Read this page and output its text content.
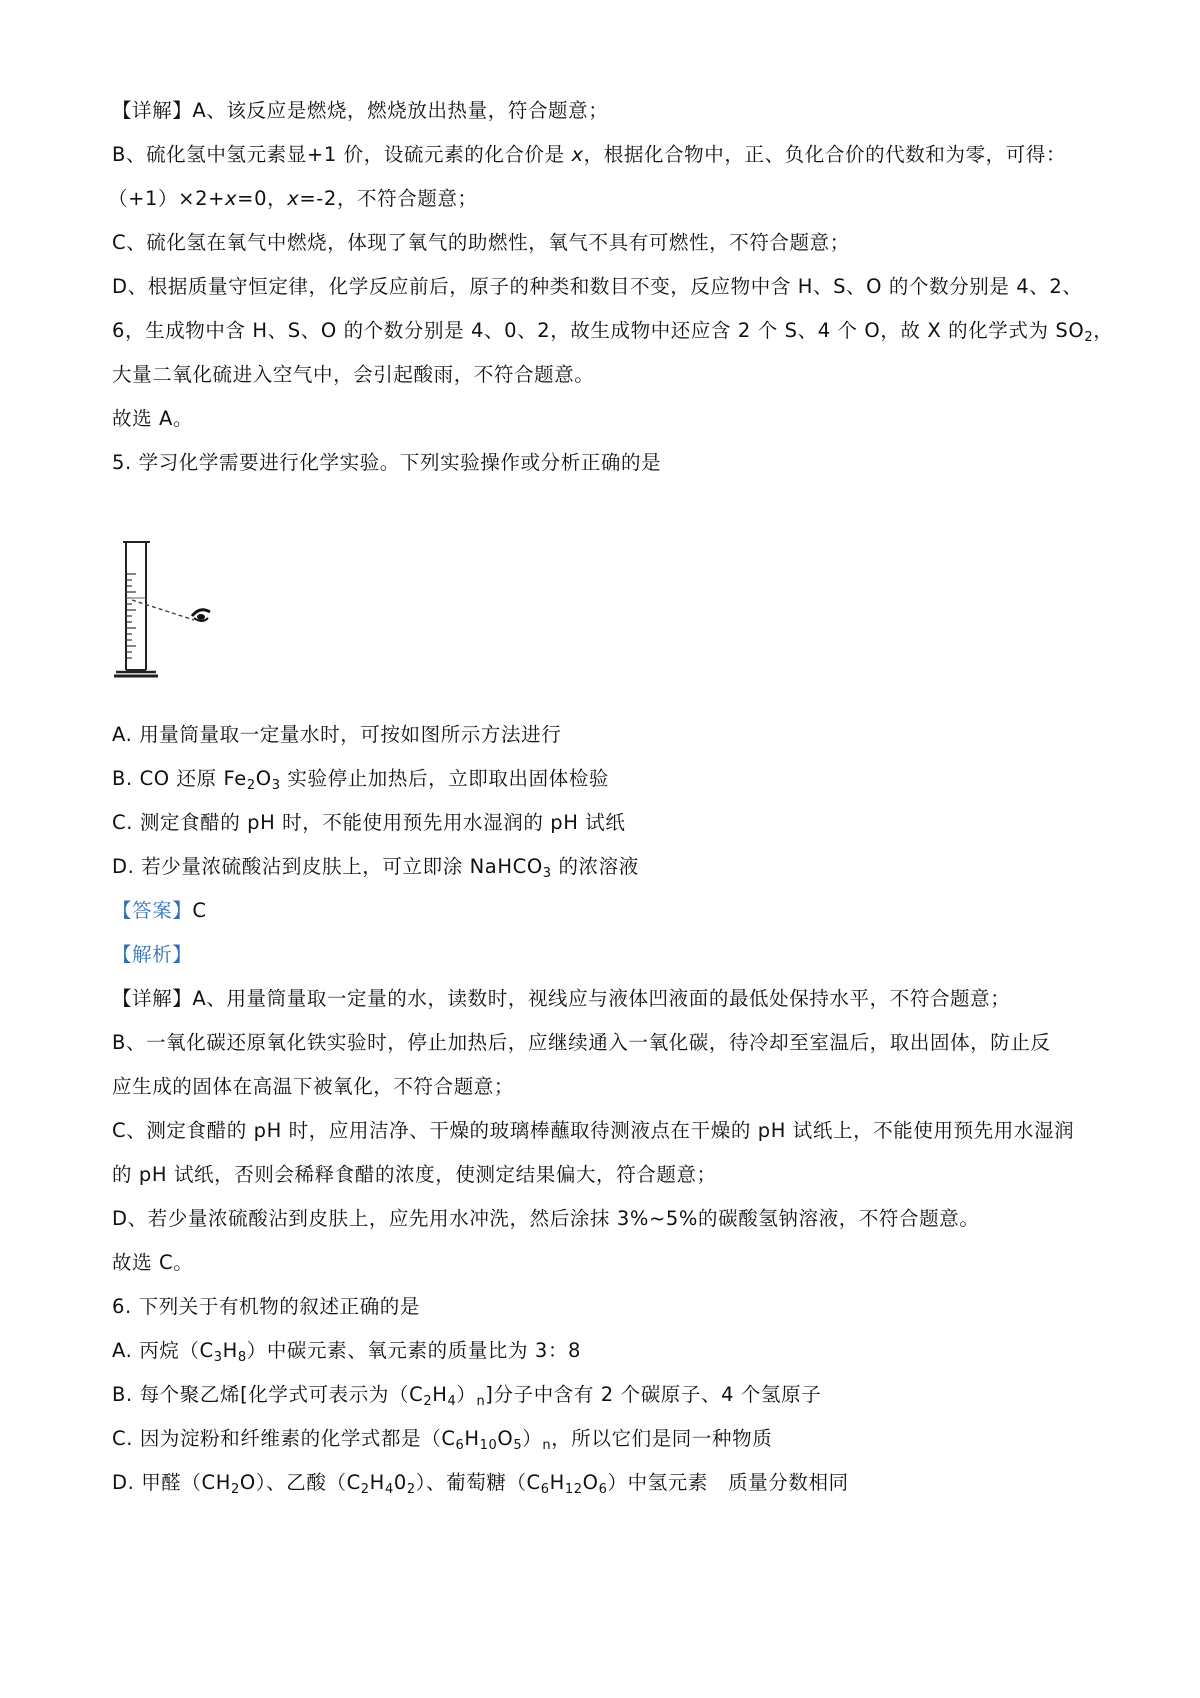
【详解】A、该反应是燃烧，燃烧放出热量，符合题意；
B、硫化氢中氢元素显+1 价，设硫元素的化合价是 x，根据化合物中，正、负化合价的代数和为零，可得：
（+1）×2+x=0，x=-2，不符合题意；
C、硫化氢在氧气中燃烧，体现了氧气的助燃性，氧气不具有可燃性，不符合题意；
D、根据质量守恒定律，化学反应前后，原子的种类和数目不变，反应物中含 H、S、O 的个数分别是 4、2、
6，生成物中含 H、S、O 的个数分别是 4、0、2，故生成物中还应含 2 个 S、4 个 O，故 X 的化学式为 $SO_2$，
大量二氧化硫进入空气中，会引起酸雨，不符合题意。
故选 A。
5. 学习化学需要进行化学实验。下列实验操作或分析正确的是
A. 用量筒量取一定量水时，可按如图所示方法进行
B. CO 还原 $Fe_2O_3$ 实验停止加热后，立即取出固体检验
C. 测定食醋的 pH 时，不能使用预先用水湿润的 pH 试纸
D. 若少量浓硫酸沾到皮肤上，可立即涂 NaHCO$_3$ 的浓溶液
【答案】C
【解析】
【详解】A、用量筒量取一定量的水，读数时，视线应与液体凹液面的最低处保持水平，不符合题意；
B、一氧化碳还原氧化铁实验时，停止加热后，应继续通入一氧化碳，待冷却至室温后，取出固体，防止反
应生成的固体在高温下被氧化，不符合题意；
C、测定食醋的 pH 时，应用洁净、干燥的玻璃棒蘸取待测液点在干燥的 pH 试纸上，不能使用预先用水湿润
的 pH 试纸，否则会稀释食醋的浓度，使测定结果偏大，符合题意；
D、若少量浓硫酸沾到皮肤上，应先用水冲洗，然后涂抹 3%~5%的碳酸氢钠溶液，不符合题意。
故选 C。
6. 下列关于有机物的叙述正确的是
A. 丙烷$(C_3H_8)$中碳元素、氧元素的质量比为 3：8
B. 每个聚乙烯[化学式可表示为$(C_2H_4)_n$]分子中含有 2 个碳原子、4 个氢原子
C. 因为淀粉和纤维素的化学式都是$(C_6H_{10}O_5)_n$，所以它们是同一种物质
D. 甲醛$(CH_2O)$、乙酸$(C_2H_40_2)$、葡萄糖$(C_6H_{12}O_6)$中氢元素　质量分数相同
